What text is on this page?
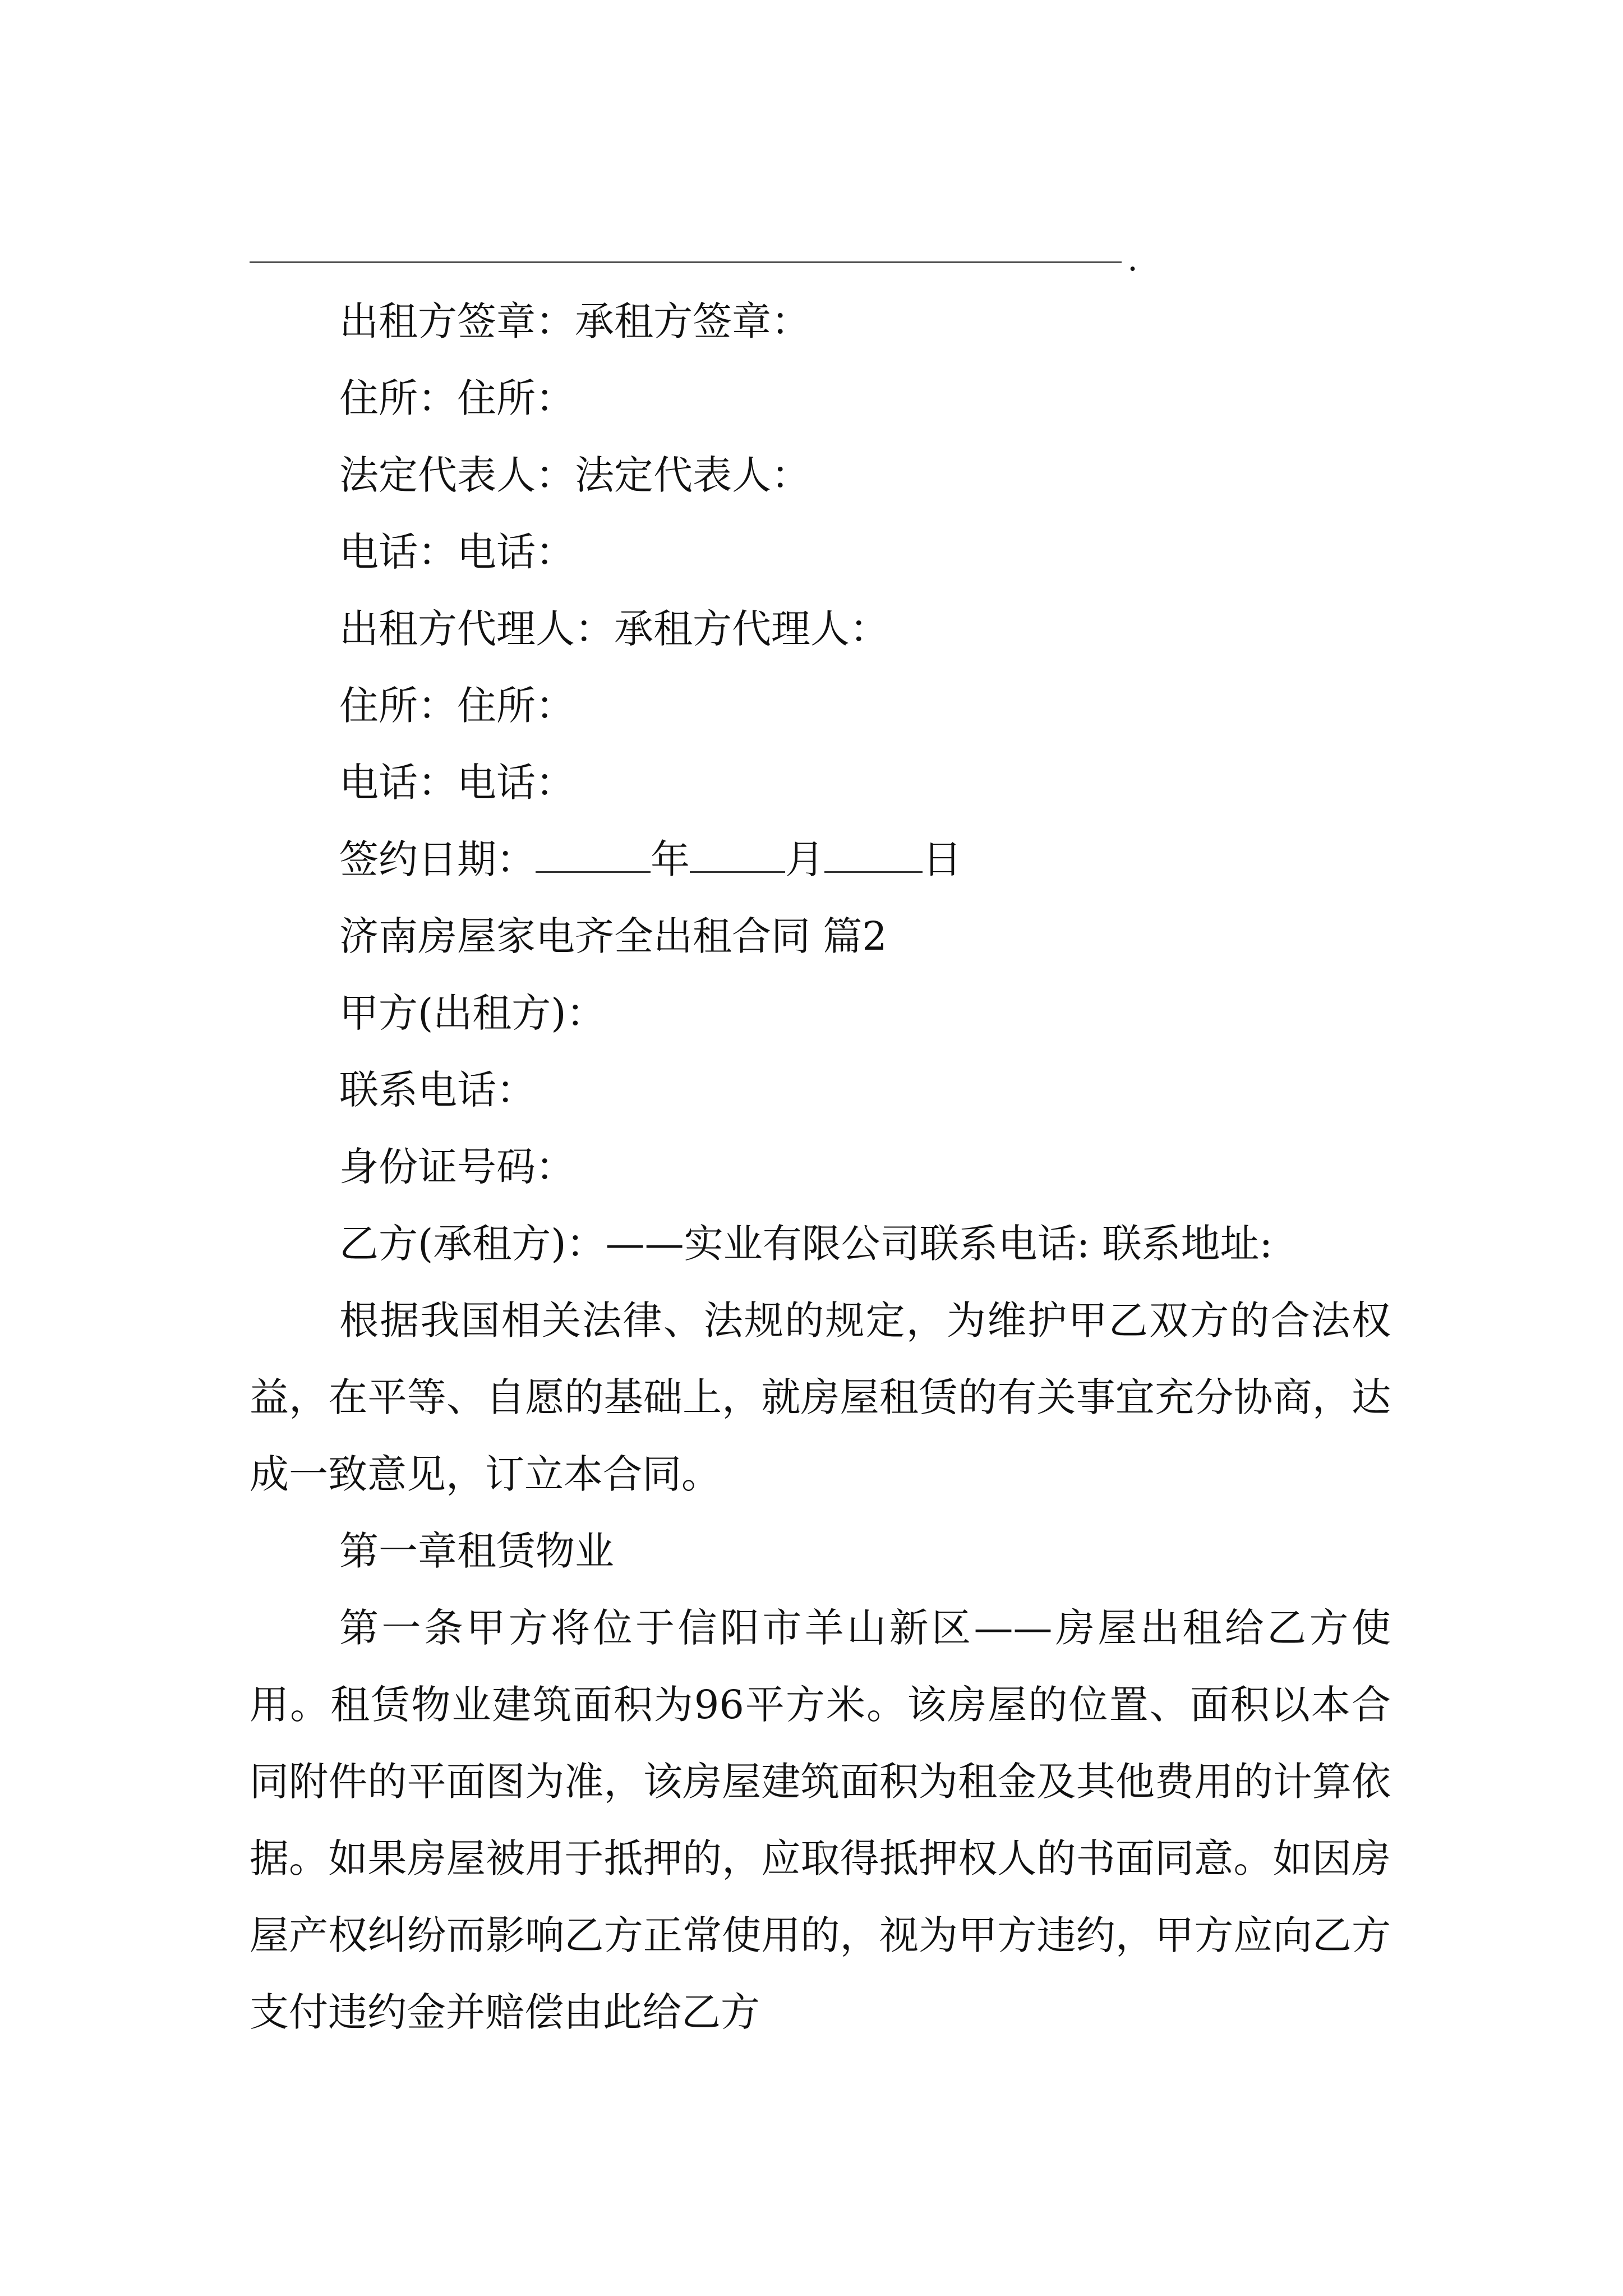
.

出租方签章：承租方签章：

住所：住所：

法定代表人：法定代表人：

电话：电话：

出租方代理人：承租方代理人：

住所：住所：

电话：电话：

签约日期：	年 月	日

济南房屋家电齐全出租合同 篇2

甲方(出租方)：

联系电话：

身份证号码：

乙方(承租方)：——实业有限公司联系电话: 联系地址:

根据我国相关法律、法规的规定，为维护甲乙双方的合法权益，在平等、自愿的基础上，就房屋租赁的有关事宜充分协商，达成一致意见，订立本合同。

第一章租赁物业

第一条甲方将位于信阳市羊山新区——房屋出租给乙方使用。租赁物业建筑面积为96平方米。该房屋的位置、面积以本合同附件的平面图为准，该房屋建筑面积为租金及其他费用的计算依据。如果房屋被用于抵押的，应取得抵押权人的书面同意。如因房屋产权纠纷而影响乙方正常使用的，视为甲方违约，甲方应向乙方支付违约金并赔偿由此给乙方
